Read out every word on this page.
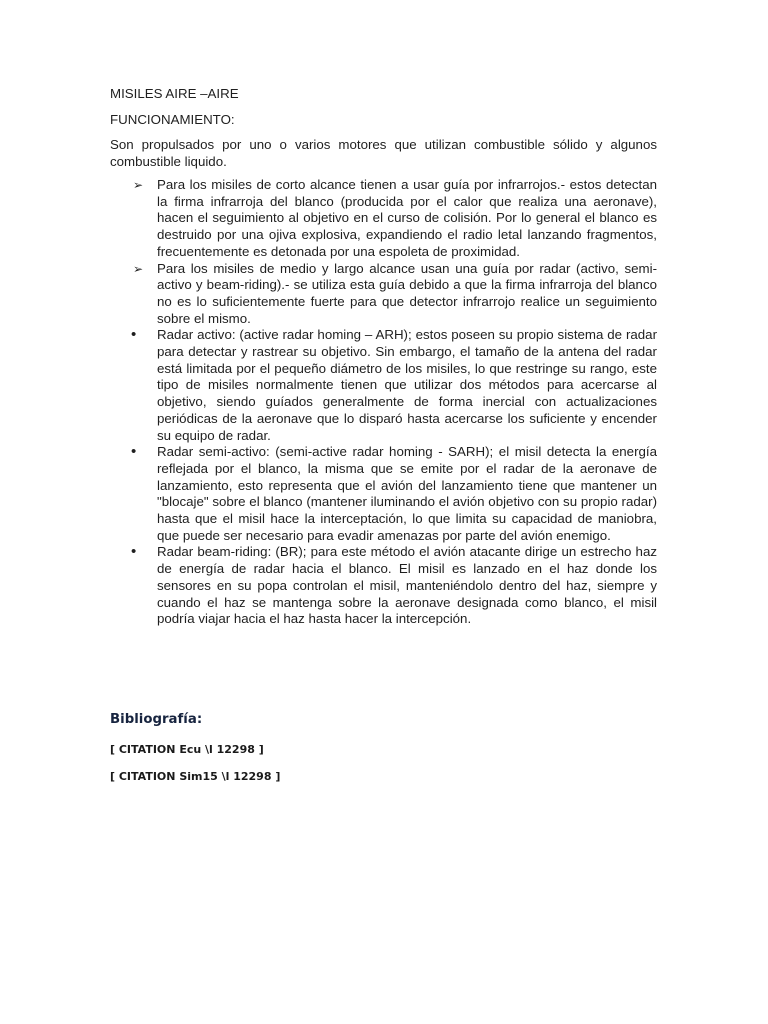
MISILES AIRE –AIRE

FUNCIONAMIENTO:

Son propulsados por uno o varios motores que utilizan combustible sólido y algunos combustible liquido.

➢ Para los misiles de corto alcance tienen a usar guía por infrarrojos.- estos detectan la firma infrarroja del blanco (producida por el calor que realiza una aeronave), hacen el seguimiento al objetivo en el curso de colisión. Por lo general el blanco es destruido por una ojiva explosiva, expandiendo el radio letal lanzando fragmentos, frecuentemente es detonada por una espoleta de proximidad.
➢ Para los misiles de medio y largo alcance usan una guía por radar (activo, semi-activo y beam-riding).- se utiliza esta guía debido a que la firma infrarroja del blanco no es lo suficientemente fuerte para que detector infrarrojo realice un seguimiento sobre el mismo.
•	Radar activo: (active radar homing – ARH); estos poseen su propio sistema de radar para detectar y rastrear su objetivo. Sin embargo, el tamaño de la antena del radar está limitada por el pequeño diámetro de los misiles, lo que restringe su rango, este tipo de misiles normalmente tienen que utilizar dos métodos para acercarse al objetivo, siendo guíados generalmente de forma inercial con actualizaciones periódicas de la aeronave que lo disparó hasta acercarse los suficiente y encender su equipo de radar.
•	Radar semi-activo: (semi-active radar homing - SARH); el misil detecta la energía reflejada por el blanco, la misma que se emite por el radar de la aeronave de lanzamiento, esto representa que el avión del lanzamiento tiene que mantener un "blocaje" sobre el blanco (mantener iluminando el avión objetivo con su propio radar) hasta que el misil hace la interceptación, lo que limita su capacidad de maniobra, que puede ser necesario para evadir amenazas por parte del avión enemigo.
•	Radar beam-riding: (BR); para este método el avión atacante dirige un estrecho haz de energía de radar hacia el blanco. El misil es lanzado en el haz donde los sensores en su popa controlan el misil, manteniéndolo dentro del haz, siempre y cuando el haz se mantenga sobre la aeronave designada como blanco, el misil podría viajar hacia el haz hasta hacer la intercepción.
Bibliografía:

[ CITATION Ecu \l 12298 ]

[ CITATION Sim15 \l 12298 ]
